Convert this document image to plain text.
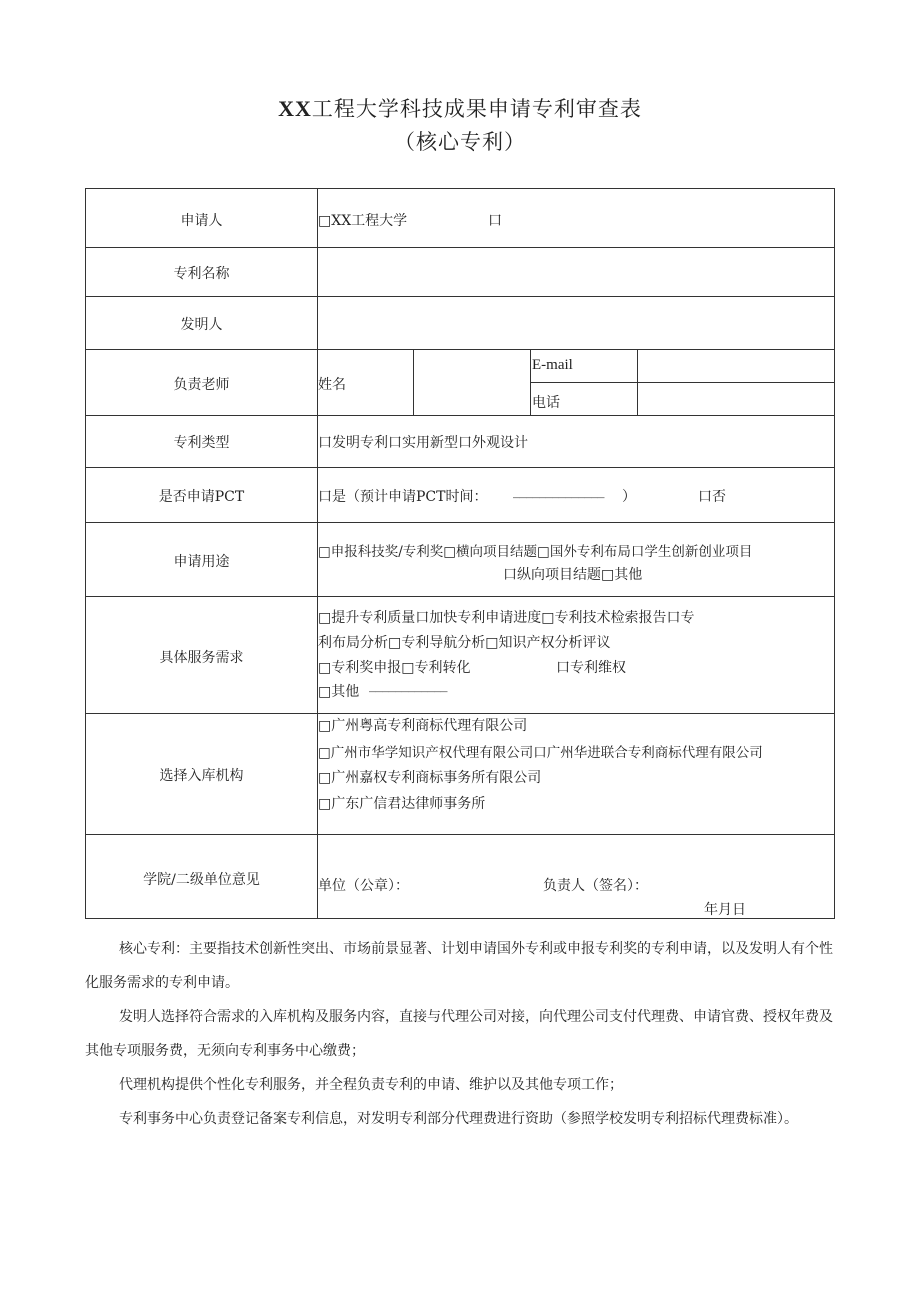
XX工程大学科技成果申请专利审查表
（核心专利）
申请人	□XX工程大学	口
专利名称
发明人
负责老师	姓名
E-mail
电话
专利类型	口发明专利口实用新型口外观设计
是否申请PCT	口是（预计申请PCT时间： ______________ ）	口否
申请用途
□申报科技奖/专利奖□横向项目结题□国外专利布局口学生创新创业项目
口纵向项目结题□其他
具体服务需求
□提升专利质量口加快专利申请进度□专利技术检索报告口专
利布局分析□专利导航分析□知识产权分析评议
□专利奖申报□专利转化	口专利维权
□其他 ____________
选择入库机构
□广州粤高专利商标代理有限公司
□广州市华学知识产权代理有限公司口广州华进联合专利商标代理有限公司
□广州嘉权专利商标事务所有限公司
□广东广信君达律师事务所
学院/二级单位意见	单位（公章）：	负责人（签名）：
年月日

核心专利：主要指技术创新性突出、市场前景显著、计划申请国外专利或申报专利奖的专利申请，以及发明人有个性化服务需求的专利申请。

发明人选择符合需求的入库机构及服务内容，直接与代理公司对接，向代理公司支付代理费、申请官费、授权年费及其他专项服务费，无须向专利事务中心缴费；

代理机构提供个性化专利服务，并全程负责专利的申请、维护以及其他专项工作；

专利事务中心负责登记备案专利信息，对发明专利部分代理费进行资助（参照学校发明专利招标代理费标准）。
